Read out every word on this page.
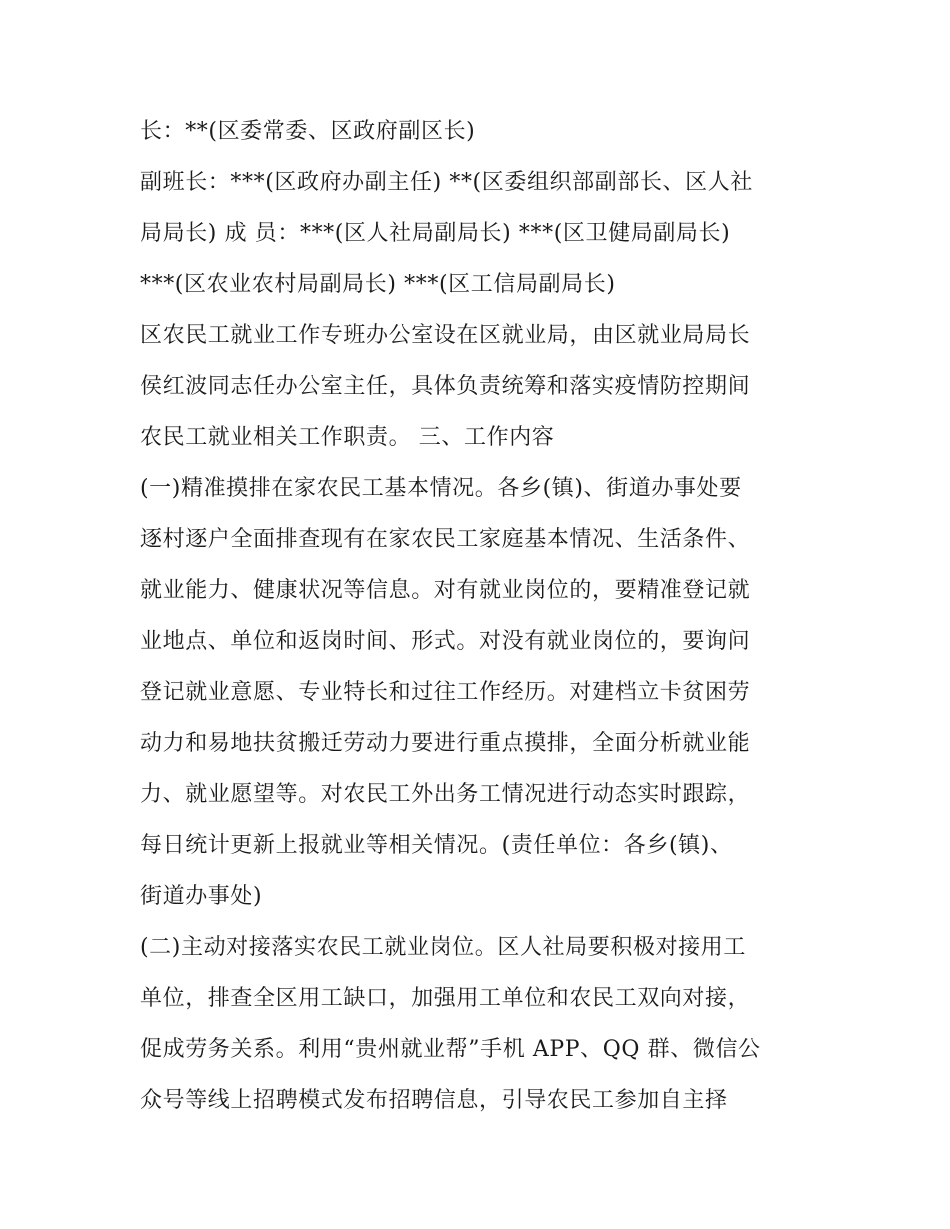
长：**(区委常委、区政府副区长)
副班长：***(区政府办副主任) **(区委组织部副部长、区人社
局局长) 成 员：***(区人社局副局长) ***(区卫健局副局长)
***(区农业农村局副局长) ***(区工信局副局长)
区农民工就业工作专班办公室设在区就业局，由区就业局局长
侯红波同志任办公室主任，具体负责统筹和落实疫情防控期间
农民工就业相关工作职责。 三、工作内容
(一)精准摸排在家农民工基本情况。各乡(镇)、街道办事处要
逐村逐户全面排查现有在家农民工家庭基本情况、生活条件、
就业能力、健康状况等信息。对有就业岗位的，要精准登记就
业地点、单位和返岗时间、形式。对没有就业岗位的，要询问
登记就业意愿、专业特长和过往工作经历。对建档立卡贫困劳
动力和易地扶贫搬迁劳动力要进行重点摸排，全面分析就业能
力、就业愿望等。对农民工外出务工情况进行动态实时跟踪，
每日统计更新上报就业等相关情况。(责任单位：各乡(镇)、
街道办事处)
(二)主动对接落实农民工就业岗位。区人社局要积极对接用工
单位，排查全区用工缺口，加强用工单位和农民工双向对接，
促成劳务关系。利用“贵州就业帮”手机 APP、QQ 群、微信公
众号等线上招聘模式发布招聘信息，引导农民工参加自主择
